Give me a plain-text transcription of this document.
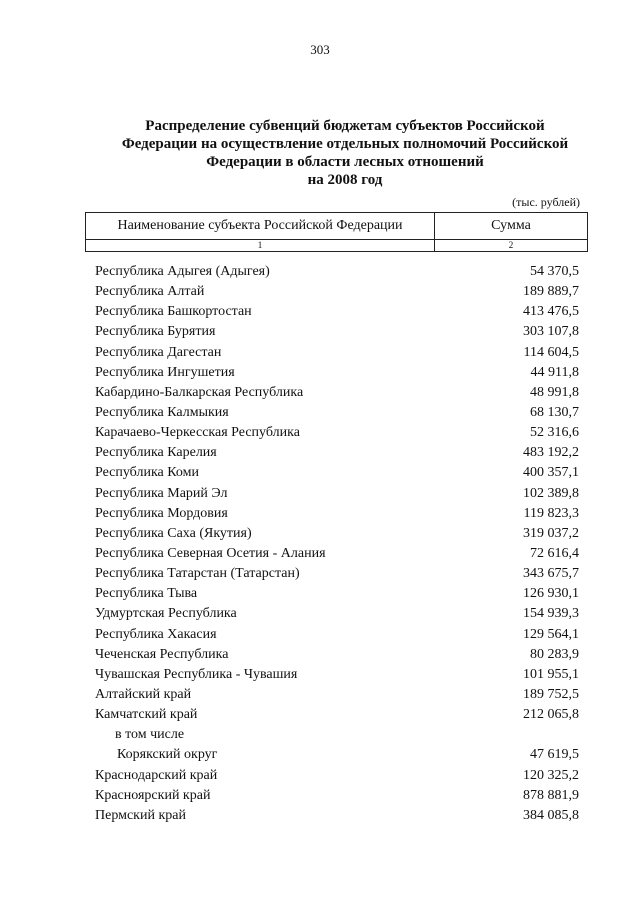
303
Распределение субвенций бюджетам субъектов Российской
Федерации на осуществление отдельных полномочий Российской
Федерации в области лесных отношений
на 2008 год
(тыс. рублей)
Наименование субъекта Российской Федерации	Сумма
1	2
Республика Адыгея (Адыгея)	54 370,5
Республика Алтай	189 889,7
Республика Башкортостан	413 476,5
Республика Бурятия	303 107,8
Республика Дагестан	114 604,5
Республика Ингушетия	44 911,8
Кабардино-Балкарская Республика	48 991,8
Республика Калмыкия	68 130,7
Карачаево-Черкесская Республика	52 316,6
Республика Карелия	483 192,2
Республика Коми	400 357,1
Республика Марий Эл	102 389,8
Республика Мордовия	119 823,3
Республика Саха (Якутия)	319 037,2
Республика Северная Осетия - Алания	72 616,4
Республика Татарстан (Татарстан)	343 675,7
Республика Тыва	126 930,1
Удмуртская Республика	154 939,3
Республика Хакасия	129 564,1
Чеченская Республика	80 283,9
Чувашская Республика - Чувашия	101 955,1
Алтайский край	189 752,5
Камчатский край	212 065,8
в том числе
Корякский округ	47 619,5
Краснодарский край	120 325,2
Красноярский край	878 881,9
Пермский край	384 085,8
